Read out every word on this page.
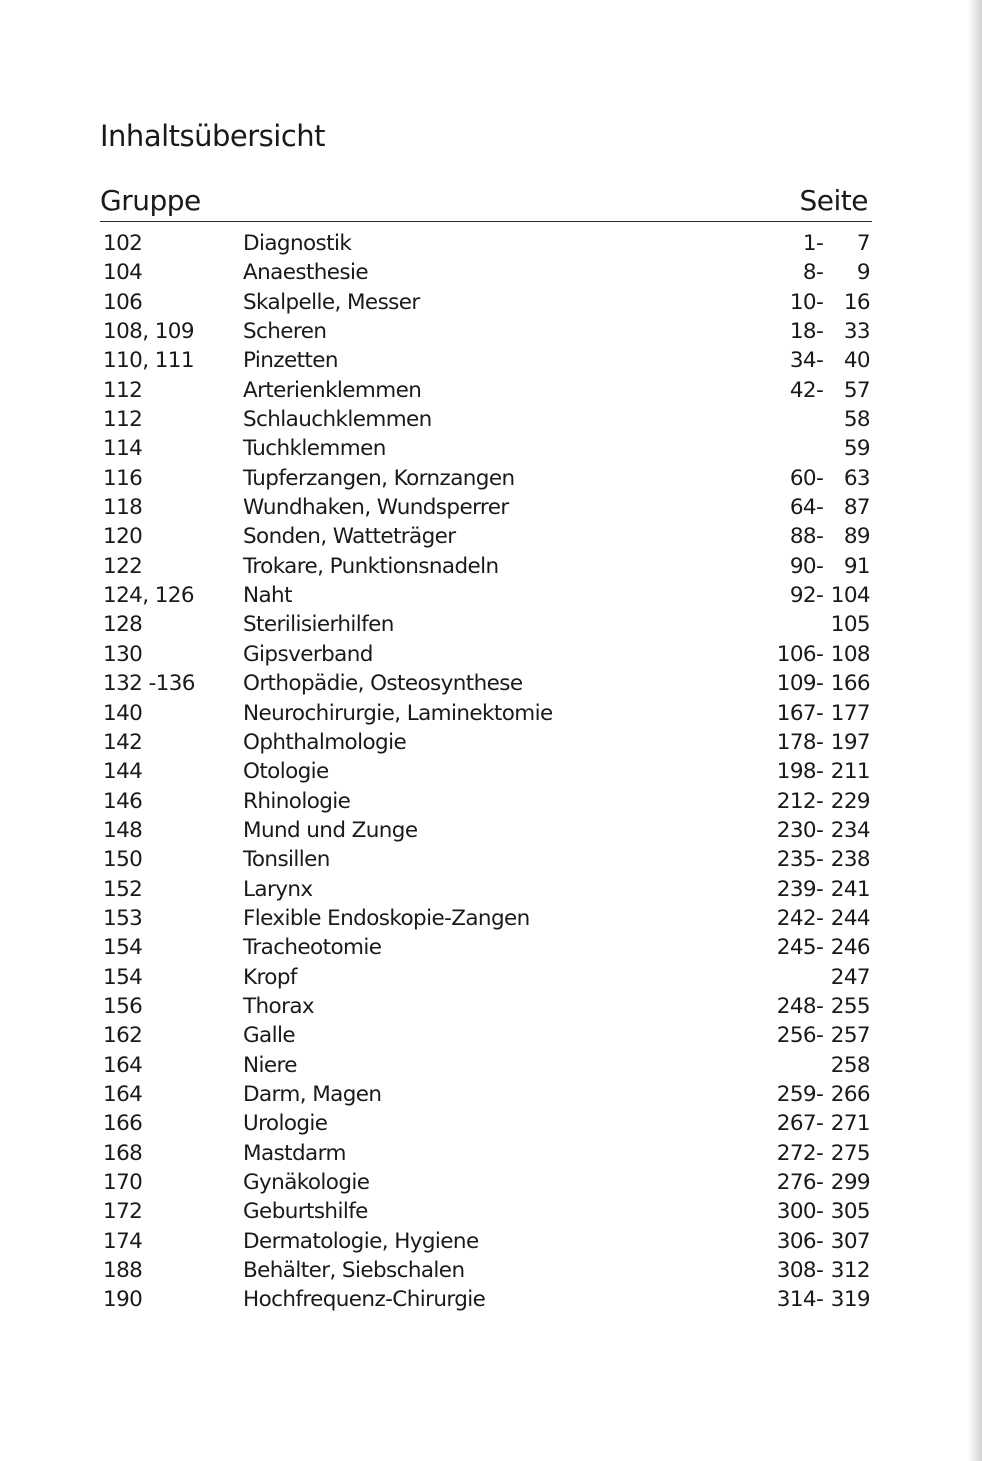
Inhaltsübersicht
Gruppe	Seite
102	Diagnostik	1- 7
104	Anaesthesie	8- 9
106	Skalpelle, Messer	10- 16
108, 109 Scheren	18- 33
110, 111 Pinzetten	34- 40
112	Arterienklemmen	42- 57
112	Schlauchklemmen	58
114	Tuchklemmen	59
116	Tupferzangen, Kornzangen	60- 63
118	Wundhaken, Wundsperrer	64- 87
120	Sonden, Watteträger	88- 89
122	Trokare, Punktionsnadeln	90- 91
124, 126 Naht	92- 104
128	Sterilisierhilfen	105
130	Gipsverband	106- 108
132 -136 Orthopädie, Osteosynthese	109- 166
140	Neurochirurgie, Laminektomie	167- 177
142	Ophthalmologie	178- 197
144	Otologie	198- 211
146	Rhinologie	212- 229
148	Mund und Zunge	230- 234
150	Tonsillen	235- 238
152	Larynx	239- 241
153	Flexible Endoskopie-Zangen	242- 244
154	Tracheotomie	245- 246
154	Kropf	247
156	Thorax	248- 255
162	Galle	256- 257
164	Niere	258
164	Darm, Magen	259- 266
166	Urologie	267- 271
168	Mastdarm	272- 275
170	Gynäkologie	276- 299
172	Geburtshilfe	300- 305
174	Dermatologie, Hygiene	306- 307
188	Behälter, Siebschalen	308- 312
190	Hochfrequenz-Chirurgie	314- 319
